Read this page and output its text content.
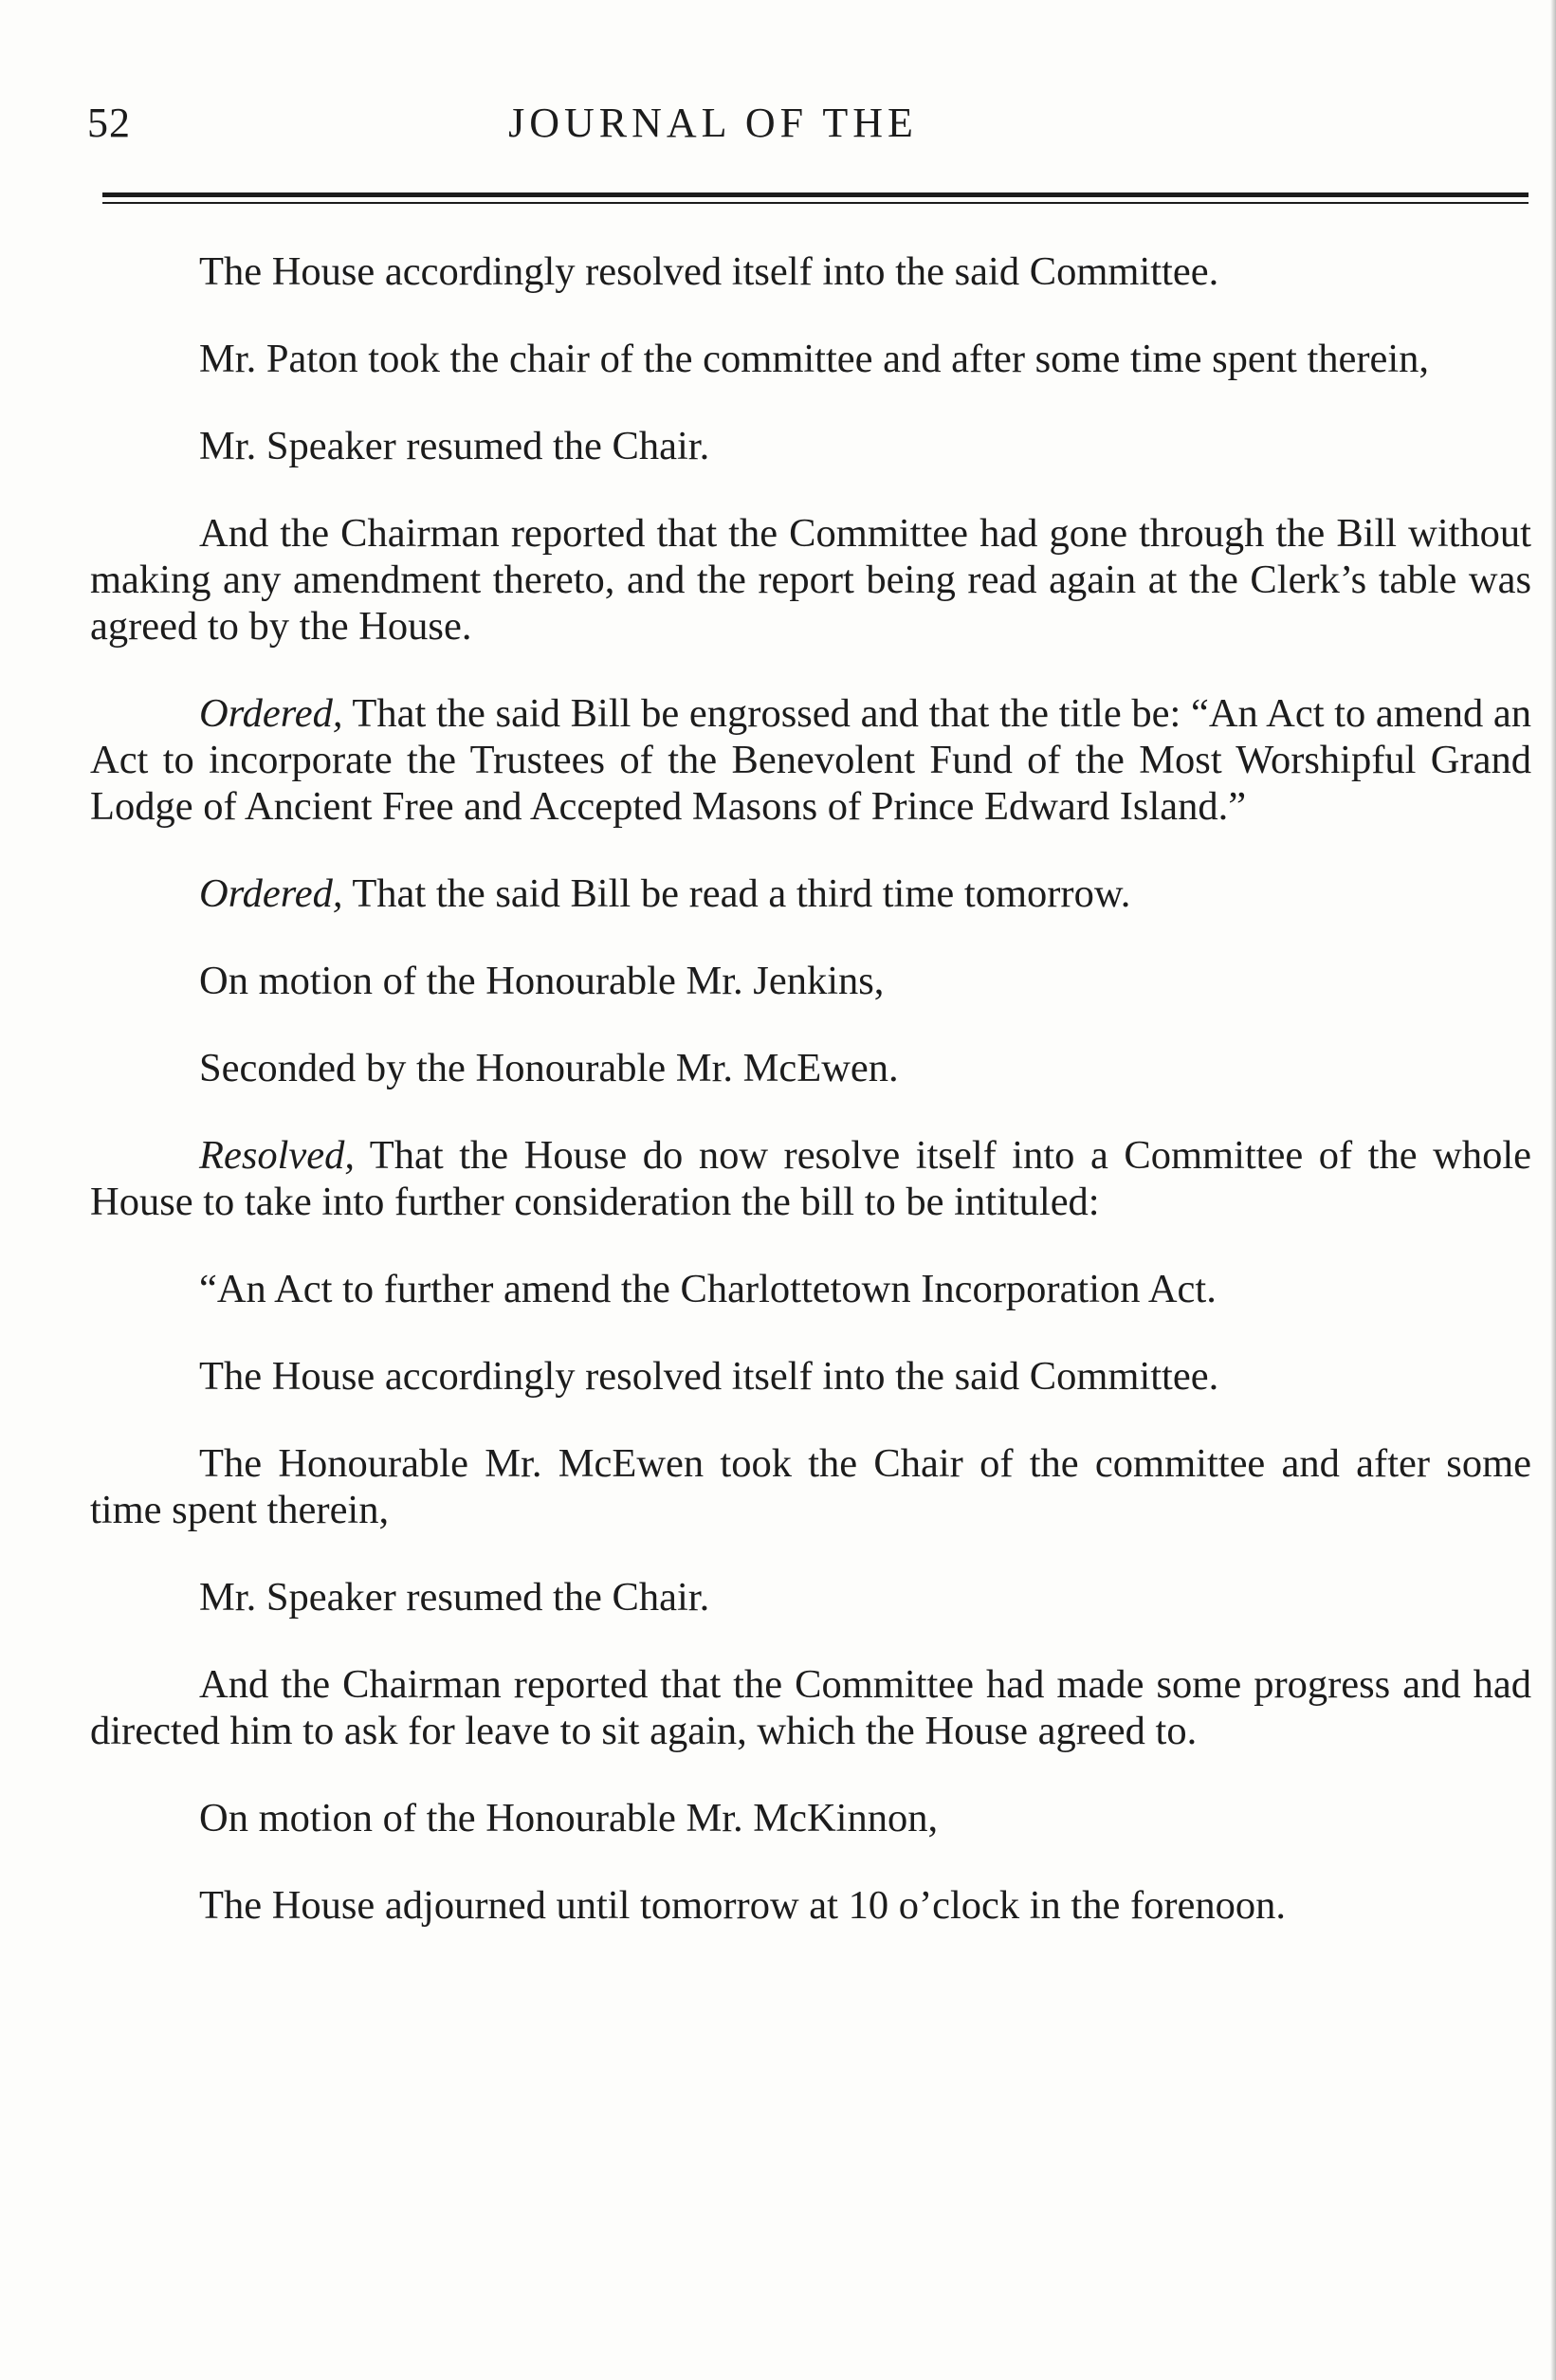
52	JOURNAL OF THE

The House accordingly resolved itself into the said Committee.

Mr. Paton took the chair of the committee and after some time spent therein,

Mr. Speaker resumed the Chair.

And the Chairman reported that the Committee had gone through the Bill without making any amendment thereto, and the report being read again at the Clerk’s table was agreed to by the House.

Ordered, That the said Bill be engrossed and that the title be: “An Act to amend an Act to incorporate the Trustees of the Benevolent Fund of the Most Worshipful Grand Lodge of Ancient Free and Accepted Masons of Prince Edward Island.”

Ordered, That the said Bill be read a third time tomorrow.

On motion of the Honourable Mr. Jenkins,

Seconded by the Honourable Mr. McEwen.

Resolved, That the House do now resolve itself into a Committee of the whole House to take into further consideration the bill to be intituled:

“An Act to further amend the Charlottetown Incorporation Act.

The House accordingly resolved itself into the said Committee.

The Honourable Mr. McEwen took the Chair of the committee and after some time spent therein,

Mr. Speaker resumed the Chair.

And the Chairman reported that the Committee had made some progress and had directed him to ask for leave to sit again, which the House agreed to.

On motion of the Honourable Mr. McKinnon,

The House adjourned until tomorrow at 10 o’clock in the forenoon.
